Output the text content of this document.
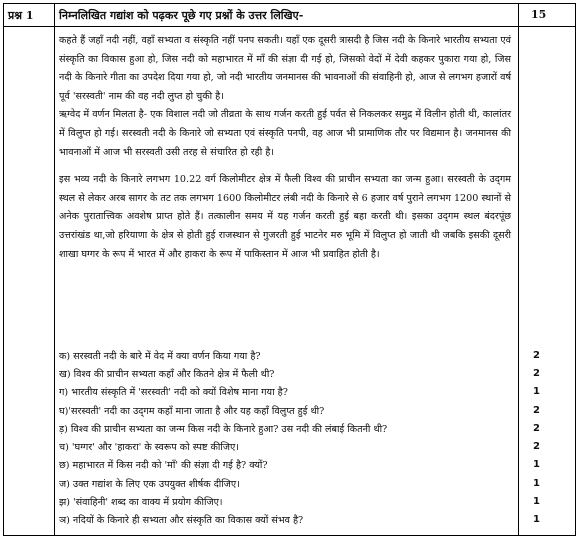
प्रश्न 1 निम्नलिखित गद्यांश को पढ़कर पूछे गए प्रश्नों के उत्तर लिखिए-	15

कहते हैं जहाँ नदी नहीं, वहाँ सभ्यता व संस्कृति नहीं पनप सकती। यहाँ एक दूसरी त्रासदी है जिस नदी के किनारे भारतीय सभ्यता एवं संस्कृति का विकास हुआ हो, जिस नदी को महाभारत में माँ की संज्ञा दी गई हो, जिसको वेदों में देवी कहकर पुकारा गया हो, जिस नदी के किनारे गीता का उपदेश दिया गया हो, जो नदी भारतीय जनमानस की भावनाओं की संवाहिनी हो, आज से लगभग हजारों वर्ष पूर्व 'सरस्वती' नाम की वह नदी लुप्त हो चुकी है।

ऋग्वेद में वर्णन मिलता है- एक विशाल नदी जो तीव्रता के साथ गर्जन करती हुई पर्वत से निकलकर समुद्र में विलीन होती थी, कालांतर में विलुप्त हो गई। सरस्वती नदी के किनारे जो सभ्यता एवं संस्कृति पनपी, वह आज भी प्रामाणिक तौर पर विद्यमान है। जनमानस की भावनाओं में आज भी सरस्वती उसी तरह से संचारित हो रही है।

इस भव्य नदी के किनारे लगभग 10.22 वर्ग किलोमीटर क्षेत्र में फैली विश्व की प्राचीन सभ्यता का जन्म हुआ। सरस्वती के उद्‌गम स्थल से लेकर अरब सागर के तट तक लगभग 1600 किलोमीटर लंबी नदी के किनारे से 6 हजार वर्ष पुराने लगभग 1200 स्थानों से अनेक पुरातात्त्विक अवशेष प्राप्त होते हैं। तत्कालीन समय में यह गर्जन करती हुई बहा करती थी। इसका उद्‌गम स्थल बंदरपूंछ उत्तरांखंड था,जो हरियाणा के क्षेत्र से होती हुई राजस्थान से गुजरती हुई भाटनेर मरु भूमि में विलुप्त हो जाती थी जबकि इसकी दूसरी शाखा घग्गर के रूप में भारत में और हाकरा के रूप में पाकिस्तान में आज भी प्रवाहित होती है।

क) सरस्वती नदी के बारे में वेद में क्या वर्णन किया गया है?	2
ख) विश्व की प्राचीन सभ्यता कहाँ और कितने क्षेत्र में फैली थी?	2
ग) भारतीय संस्कृति में 'सरस्वती' नदी को क्यों विशेष माना गया है?	1
घ)'सरस्वती' नदी का उद्‌गम कहाँ माना जाता है और यह कहाँ विलुप्त हुई थी?	2
ड़) विश्व की प्राचीन सभ्यता का जन्म किस नदी के किनारे हुआ? उस नदी की लंबाई कितनी थी?	2
च) 'घग्गर' और 'हाकरा' के स्वरूप को स्पष्ट कीजिए।	2
छ) महाभारत में किस नदी को 'माँ' की संज्ञा दी गई है? क्यों?	1
ज) उक्त गद्यांश के लिए एक उपयुक्त शीर्षक दीजिए।	1
झ) 'संवाहिनी' शब्द का वाक्य में प्रयोग कीजिए।	1
ञ) नदियों के किनारे ही सभ्यता और संस्कृति का विकास क्यों संभव है?	1
